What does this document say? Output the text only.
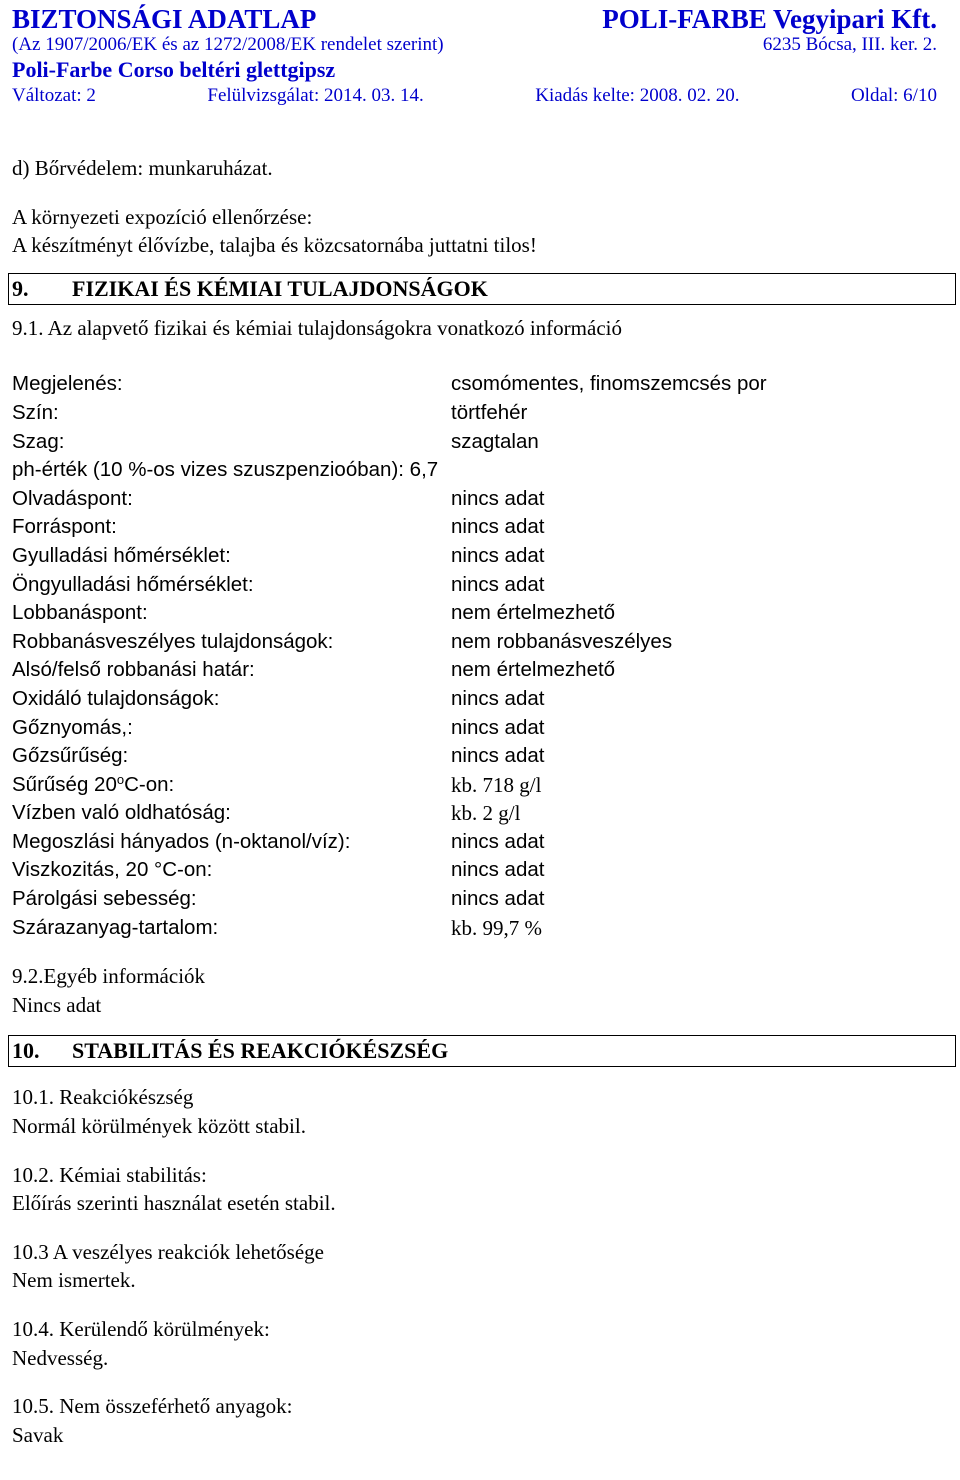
BIZTONSÁGI ADATLAP	POLI-FARBE Vegyipari Kft.
(Az 1907/2006/EK és az 1272/2008/EK rendelet szerint)	6235 Bócsa, III. ker. 2.
Poli-Farbe Corso beltéri glettgipsz
Változat: 2	Felülvizsgálat: 2014. 03. 14.	Kiadás kelte: 2008. 02. 20.	Oldal: 6/10
d) Bőrvédelem: munkaruházat.
A környezeti expozíció ellenőrzése:
A készítményt élővízbe, talajba és közcsatornába juttatni tilos!
9. FIZIKAI ÉS KÉMIAI TULAJDONSÁGOK
9.1. Az alapvető fizikai és kémiai tulajdonságokra vonatkozó információ
Megjelenés:	csomómentes, finomszemcsés por
Szín:	törtfehér
Szag:	szagtalan
ph-érték (10 %-os vizes szuszpenzioóban):
6,7
Olvadáspont:	nincs adat
Forráspont:	nincs adat
Gyulladási hőmérséklet:	nincs adat
Öngyulladási hőmérséklet:	nincs adat
Lobbanáspont:	nem értelmezhető
Robbanásveszélyes tulajdonságok:	nem robbanásveszélyes
Alsó/felső robbanási határ:	nem értelmezhető
Oxidáló tulajdonságok:	nincs adat
Gőznyomás,:	nincs adat
Gőzsűrűség:	nincs adat
Sűrűség 20$^o$C-on:	kb. 718 g/l
Vízben való oldhatóság:	kb. 2 g/l
Megoszlási hányados (n-oktanol/víz):	nincs adat
Viszkozitás, 20 °C-on:	nincs adat
Párolgási sebesség:	nincs adat
Szárazanyag-tartalom:	kb. 99,7 %
9.2.Egyéb információk
Nincs adat
10. STABILITÁS ÉS REAKCIÓKÉSZSÉG
10.1. Reakciókészség
Normál körülmények között stabil.
10.2. Kémiai stabilitás:
Előírás szerinti használat esetén stabil.
10.3 A veszélyes reakciók lehetősége
Nem ismertek.
10.4. Kerülendő körülmények:
Nedvesség.
10.5. Nem összeférhető anyagok:
Savak
